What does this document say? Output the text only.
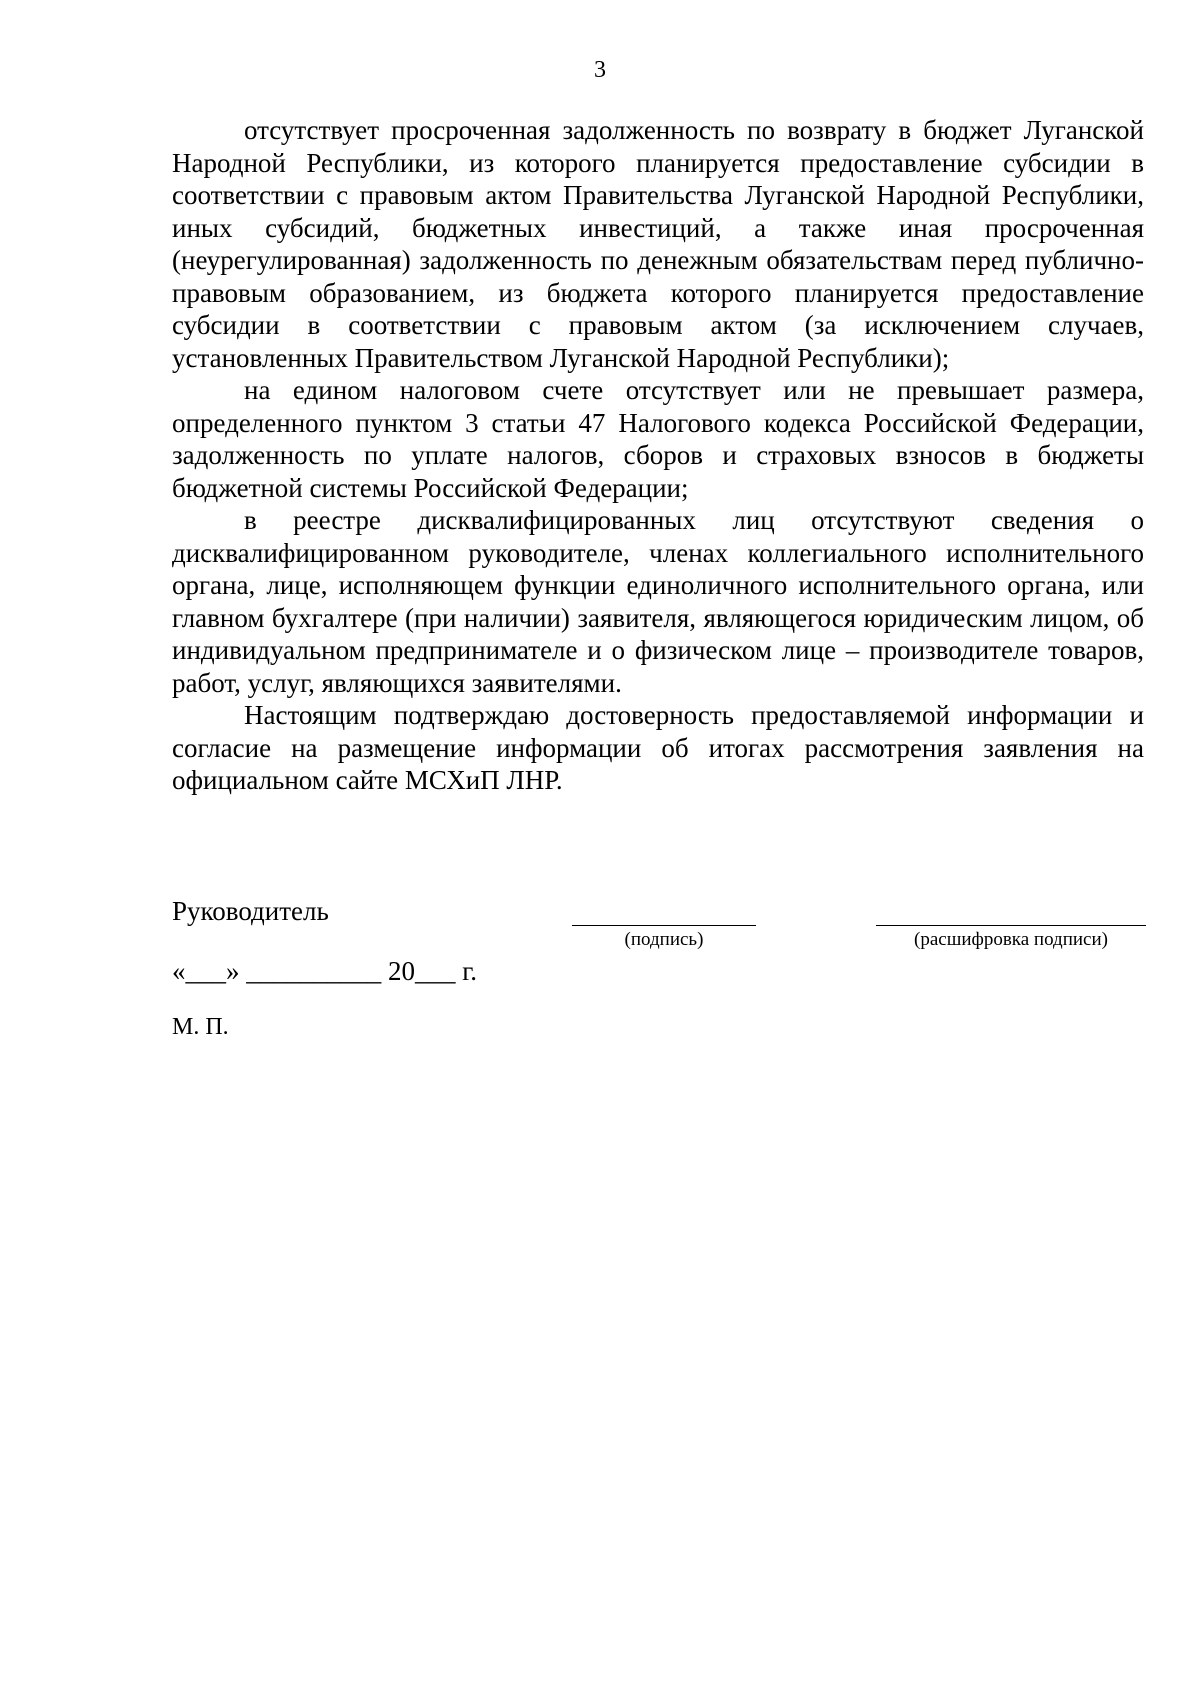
3

отсутствует просроченная задолженность по возврату в бюджет Луганской Народной Республики, из которого планируется предоставление субсидии в соответствии с правовым актом Правительства Луганской Народной Республики, иных субсидий, бюджетных инвестиций, а также иная просроченная (неурегулированная) задолженность по денежным обязательствам перед публично-правовым образованием, из бюджета которого планируется предоставление субсидии в соответствии с правовым актом (за исключением случаев, установленных Правительством Луганской Народной Республики);

на едином налоговом счете отсутствует или не превышает размера, определенного пунктом 3 статьи 47 Налогового кодекса Российской Федерации, задолженность по уплате налогов, сборов и страховых взносов в бюджеты бюджетной системы Российской Федерации;

в реестре дисквалифицированных лиц отсутствуют сведения о дисквалифицированном руководителе, членах коллегиального исполнительного органа, лице, исполняющем функции единоличного исполнительного органа, или главном бухгалтере (при наличии) заявителя, являющегося юридическим лицом, об индивидуальном предпринимателе и о физическом лице – производителе товаров, работ, услуг, являющихся заявителями.

Настоящим подтверждаю достоверность предоставляемой информации и согласие на размещение информации об итогах рассмотрения заявления на официальном сайте МСХиП ЛНР.

Руководитель
(подпись)	(расшифровка подписи)
«___» __________ 20___ г.
М. П.
